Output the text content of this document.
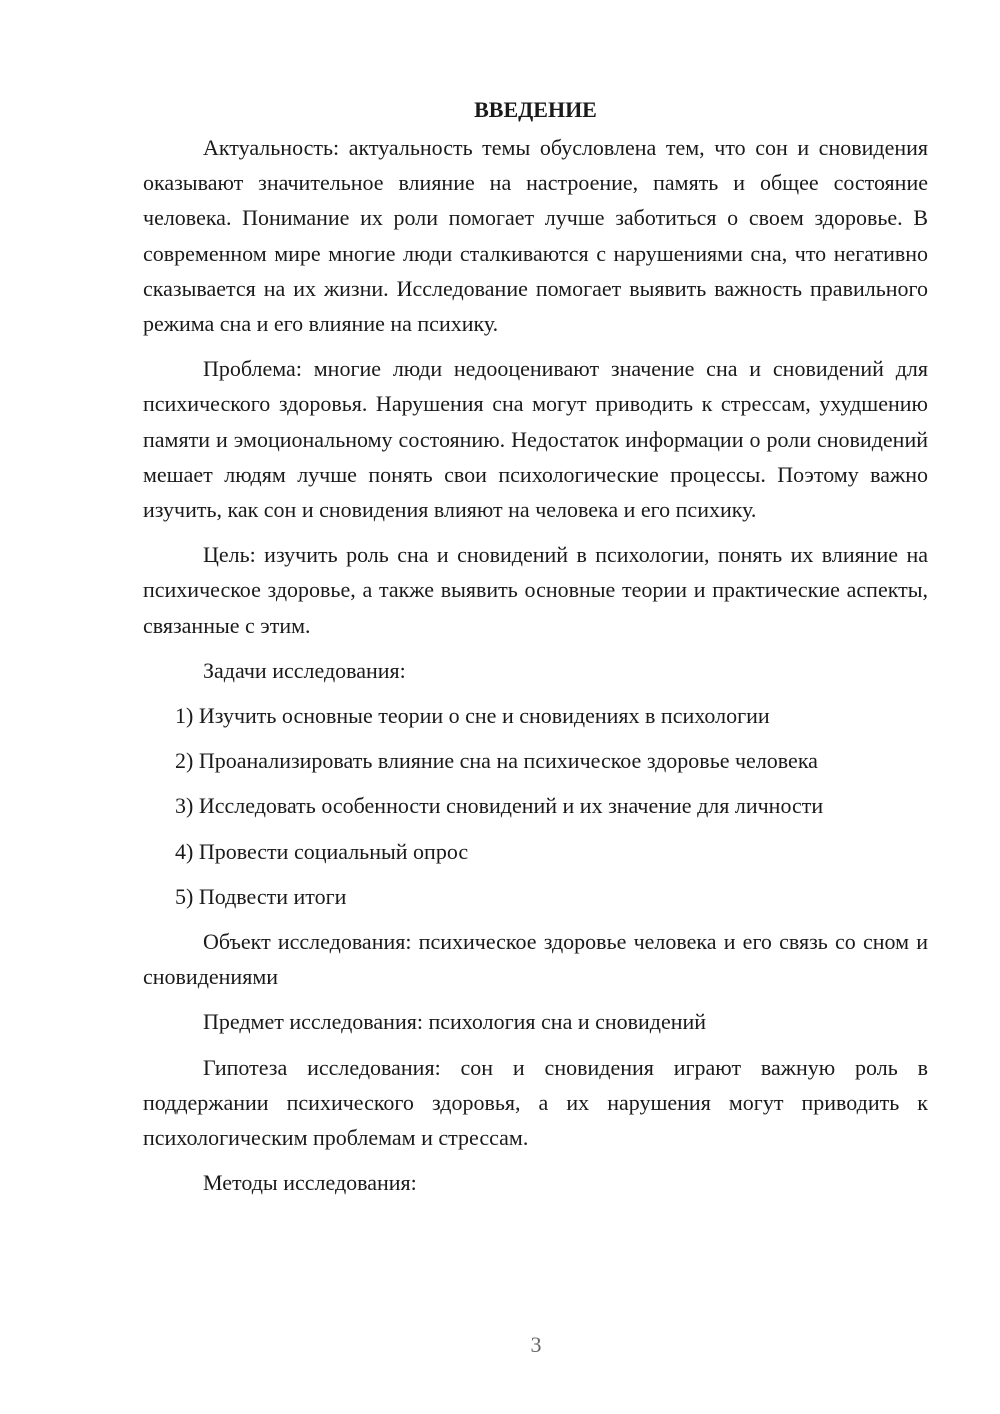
ВВЕДЕНИЕ

Актуальность: актуальность темы обусловлена тем, что сон и сновидения оказывают значительное влияние на настроение, память и общее состояние человека. Понимание их роли помогает лучше заботиться о своем здоровье. В современном мире многие люди сталкиваются с нарушениями сна, что негативно сказывается на их жизни. Исследование помогает выявить важность правильного режима сна и его влияние на психику.

Проблема: многие люди недооценивают значение сна и сновидений для психического здоровья. Нарушения сна могут приводить к стрессам, ухудшению памяти и эмоциональному состоянию. Недостаток информации о роли сновидений мешает людям лучше понять свои психологические процессы. Поэтому важно изучить, как сон и сновидения влияют на человека и его психику.

Цель: изучить роль сна и сновидений в психологии, понять их влияние на психическое здоровье, а также выявить основные теории и практические аспекты, связанные с этим.

Задачи исследования:

1) Изучить основные теории о сне и сновидениях в психологии
2) Проанализировать влияние сна на психическое здоровье человека
3) Исследовать особенности сновидений и их значение для личности
4) Провести социальный опрос
5) Подвести итоги

Объект исследования: психическое здоровье человека и его связь со сном и сновидениями

Предмет исследования: психология сна и сновидений

Гипотеза исследования: сон и сновидения играют важную роль в поддержании психического здоровья, а их нарушения могут приводить к психологическим проблемам и стрессам.

Методы исследования:

3
